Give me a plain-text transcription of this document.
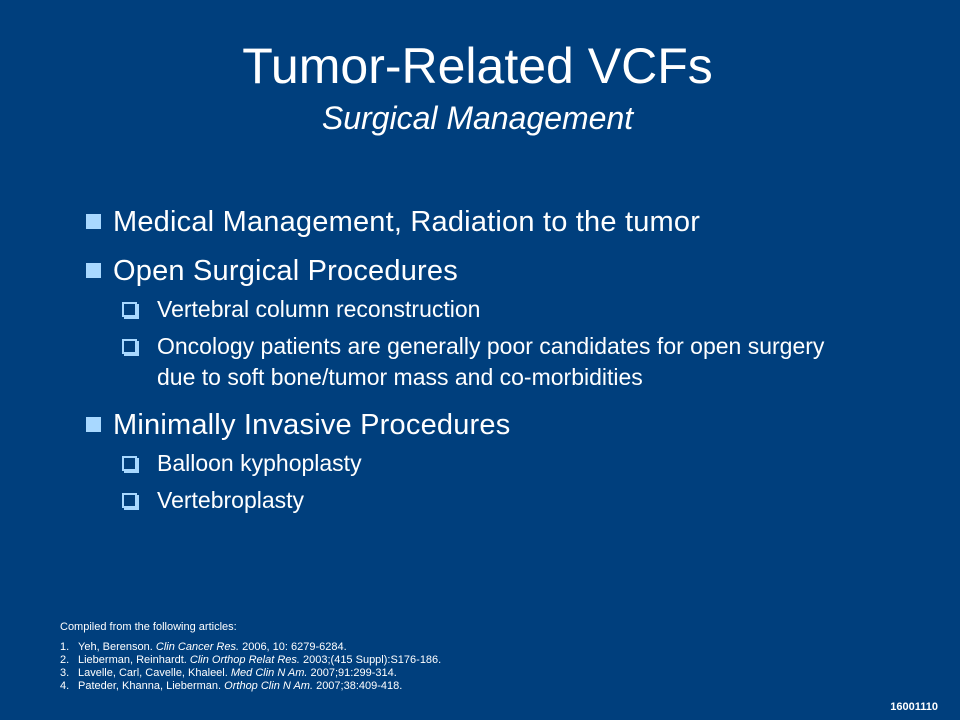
Tumor-Related VCFs
Surgical Management
Medical Management, Radiation to the tumor
Open Surgical Procedures
Vertebral column reconstruction
Oncology patients are generally poor candidates for open surgery due to soft bone/tumor mass and co-morbidities
Minimally Invasive Procedures
Balloon kyphoplasty
Vertebroplasty
Compiled from the following articles:
1. Yeh, Berenson. Clin Cancer Res. 2006, 10: 6279-6284.
2. Lieberman, Reinhardt. Clin Orthop Relat Res. 2003;(415 Suppl):S176-186.
3. Lavelle, Carl, Cavelle, Khaleel. Med Clin N Am. 2007;91:299-314.
4. Pateder, Khanna, Lieberman. Orthop Clin N Am. 2007;38:409-418.
16001110
